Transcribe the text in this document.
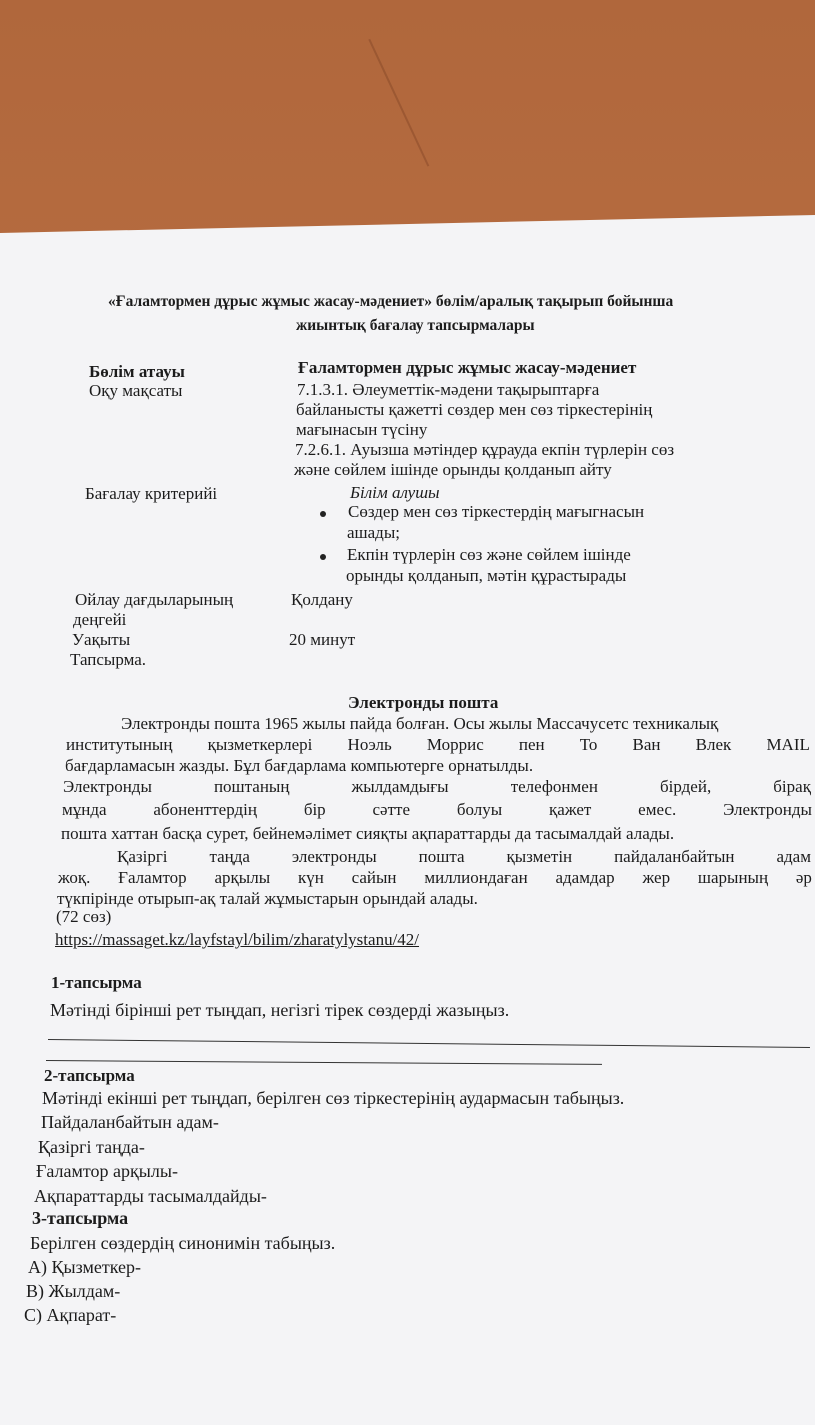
«Ғаламтормен дұрыс жұмыс жасау-мәдениет» бөлім/аралық тақырып бойынша
жиынтық бағалау тапсырмалары
Бөлім атауы	Ғаламтормен дұрыс жұмыс жасау-мәдениет
Оқу мақсаты	7.1.3.1. Әлеуметтік-мәдени тақырыптарға
байланысты қажетті сөздер мен сөз тіркестерінің
мағынасын түсіну
7.2.6.1. Ауызша мәтіндер құрауда екпін түрлерін сөз
және сөйлем ішінде орынды қолданып айту
Бағалау критерийі	Білім алушы
Сөздер мен сөз тіркестердің мағыгнасын
ашады;
Екпін түрлерін сөз және сөйлем ішінде
орынды қолданып, мәтін құрастырады
Ойлау дағдыларының
деңгейі
Қолдану
Уақыты	20 минут
Тапсырма.
Электронды пошта
Электронды пошта 1965 жылы пайда болған. Осы жылы Массачусетс техникалық
институтының қызметкерлері Ноэль Моррис пен То Ван Влек MAIL
бағдарламасын жазды. Бұл бағдарлама компьютерге орнатылды.
Электронды	поштаның	жылдамдығы	телефонмен	бірдей,	бірақ
мұнда	абоненттердің	бір	сәтте	болуы	қажет	емес.	Электронды
пошта хаттан басқа сурет, бейнемәлімет сияқты ақпараттарды да тасымалдай алады.
Қазіргі таңда электронды пошта қызметін пайдаланбайтын адам
жоқ. Ғаламтор арқылы күн сайын миллиондаған адамдар жер шарының әр
түкпірінде отырып-ақ талай жұмыстарын орындай алады.
(72 сөз)
https://massaget.kz/layfstayl/bilim/zharatylystanu/42/
1-тапсырма
Мәтінді бірінші рет тыңдап, негізгі тірек сөздерді жазыңыз.
2-тапсырма
Мәтінді екінші рет тыңдап, берілген сөз тіркестерінің аудармасын табыңыз.
Пайдаланбайтын адам-
Қазіргі таңда-
Ғаламтор арқылы-
Ақпараттарды тасымалдайды-
3-тапсырма
Берілген сөздердің синонимін табыңыз.
А) Қызметкер-
В) Жылдам-
С) Ақпарат-
